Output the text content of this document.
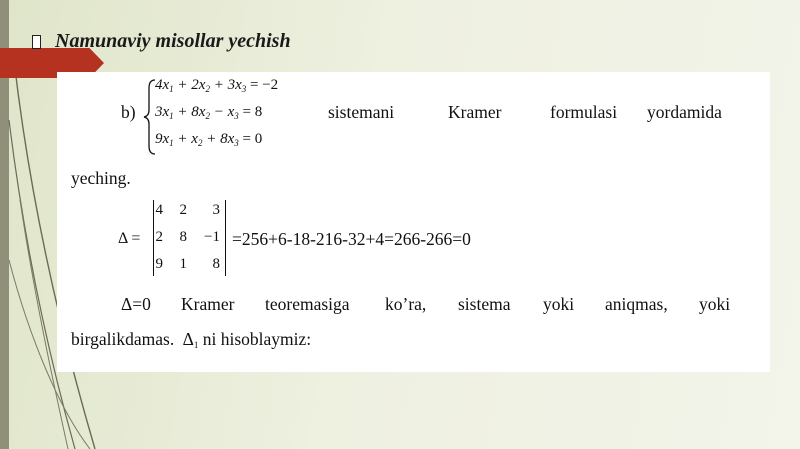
Namunaviy misollar yechish
b)
$4x_1 + 2x_2 + 3x_3 = -2$
$3x_1 + 8x_2 - x_3 = 8$
$9x_1 + x_2 + 8x_3 = 0$
sistemani	Kramer	formulasi yordamida
yeching.
Δ =
4	2	3
2	8 −1
9	1	8
=256+6-18-216-32+4=266-266=0
Δ=0 Kramer teoremasiga ko’ra, sistema yoki aniqmas, yoki
birgalikdamas. $\Delta_1$ ni hisoblaymiz:
